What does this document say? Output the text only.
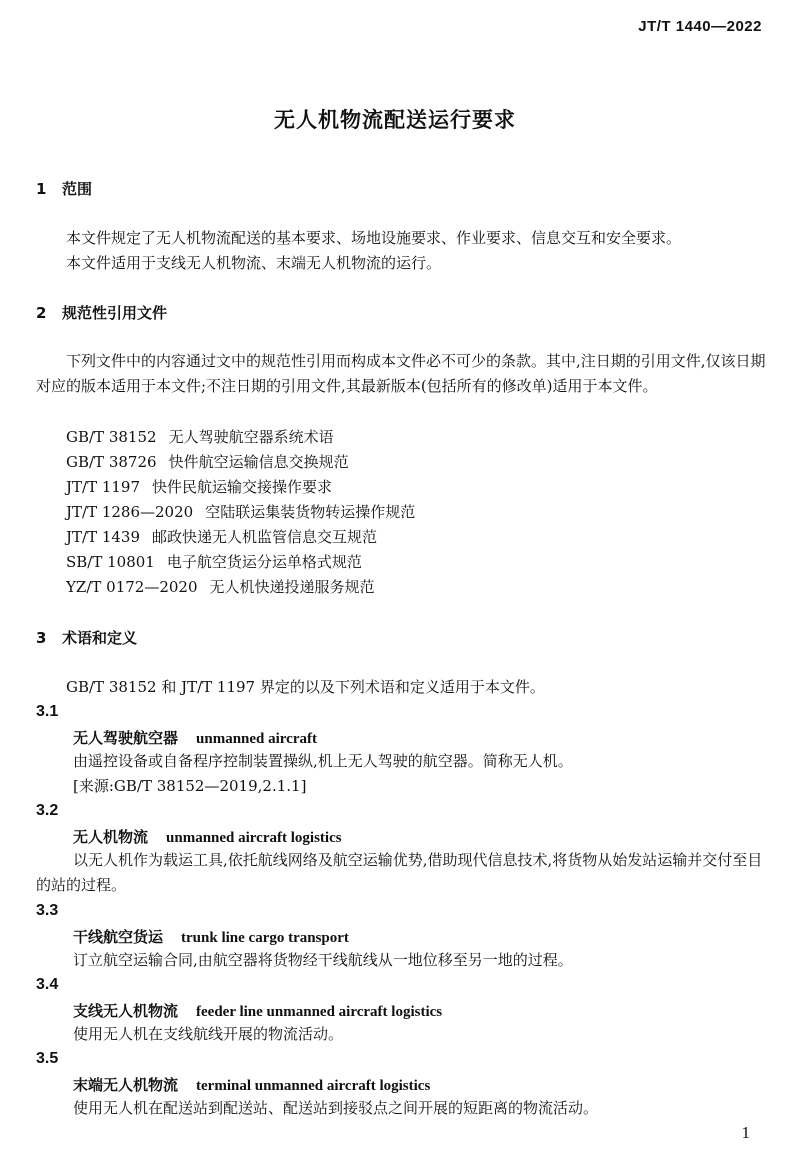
JT/T 1440—2022
无人机物流配送运行要求
1 范围
本文件规定了无人机物流配送的基本要求、场地设施要求、作业要求、信息交互和安全要求。
本文件适用于支线无人机物流、末端无人机物流的运行。
2 规范性引用文件
下列文件中的内容通过文中的规范性引用而构成本文件必不可少的条款。其中,注日期的引用文件,仅该日期对应的版本适用于本文件;不注日期的引用文件,其最新版本(包括所有的修改单)适用于本文件。
GB/T 38152 无人驾驶航空器系统术语
GB/T 38726 快件航空运输信息交换规范
JT/T 1197 快件民航运输交接操作要求
JT/T 1286—2020 空陆联运集装货物转运操作规范
JT/T 1439 邮政快递无人机监管信息交互规范
SB/T 10801 电子航空货运分运单格式规范
YZ/T 0172—2020 无人机快递投递服务规范
3 术语和定义
GB/T 38152 和 JT/T 1197 界定的以及下列术语和定义适用于本文件。
3.1
无人驾驶航空器 unmanned aircraft
由遥控设备或自备程序控制装置操纵,机上无人驾驶的航空器。简称无人机。
[来源:GB/T 38152—2019,2.1.1]
3.2
无人机物流 unmanned aircraft logistics
以无人机作为载运工具,依托航线网络及航空运输优势,借助现代信息技术,将货物从始发站运输并交付至目的站的过程。
3.3
干线航空货运 trunk line cargo transport
订立航空运输合同,由航空器将货物经干线航线从一地位移至另一地的过程。
3.4
支线无人机物流 feeder line unmanned aircraft logistics
使用无人机在支线航线开展的物流活动。
3.5
末端无人机物流 terminal unmanned aircraft logistics
使用无人机在配送站到配送站、配送站到接驳点之间开展的短距离的物流活动。
1
